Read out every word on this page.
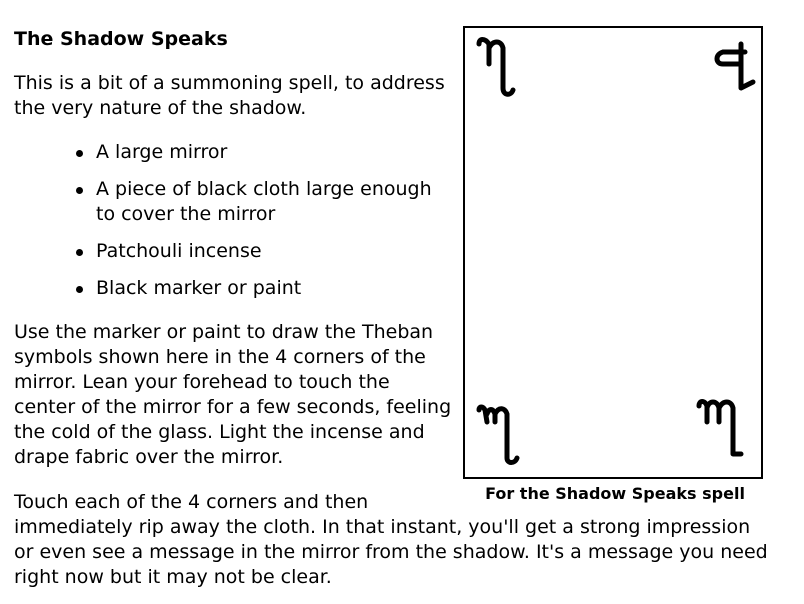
The Shadow Speaks

This is a bit of a summoning spell, to address the very nature of the shadow.

A large mirror
A piece of black cloth large enough to cover the mirror
Patchouli incense
Black marker or paint

Use the marker or paint to draw the Theban symbols shown here in the 4 corners of the mirror. Lean your forehead to touch the center of the mirror for a few seconds, feeling the cold of the glass. Light the incense and drape fabric over the mirror.

For the Shadow Speaks spell

Touch each of the 4 corners and then immediately rip away the cloth. In that instant, you'll get a strong impression or even see a message in the mirror from the shadow. It's a message you need right now but it may not be clear.
